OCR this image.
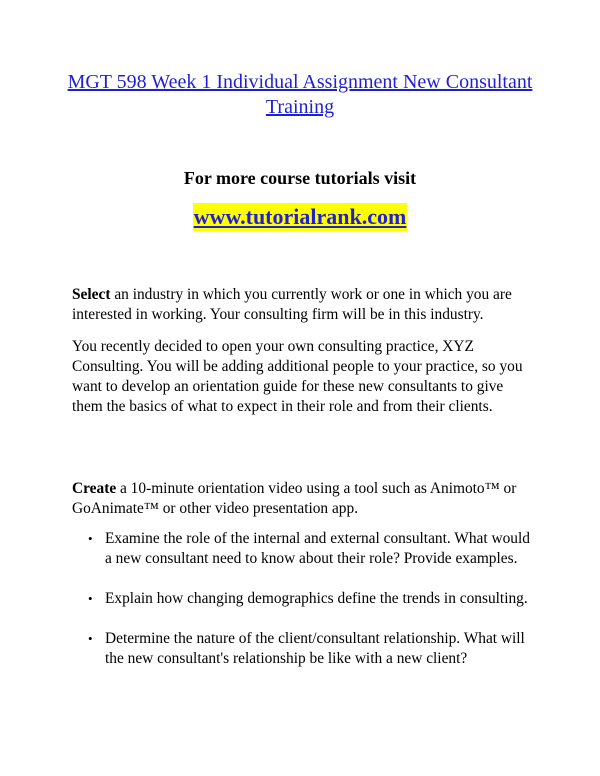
MGT 598 Week 1 Individual Assignment New Consultant Training
For more course tutorials visit
www.tutorialrank.com

Select an industry in which you currently work or one in which you are interested in working. Your consulting firm will be in this industry.

You recently decided to open your own consulting practice, XYZ Consulting. You will be adding additional people to your practice, so you want to develop an orientation guide for these new consultants to give them the basics of what to expect in their role and from their clients.

Create a 10-minute orientation video using a tool such as Animoto™ or GoAnimate™ or other video presentation app.

• Examine the role of the internal and external consultant. What would a new consultant need to know about their role? Provide examples.
• Explain how changing demographics define the trends in consulting.
• Determine the nature of the client/consultant relationship. What will the new consultant's relationship be like with a new client?
